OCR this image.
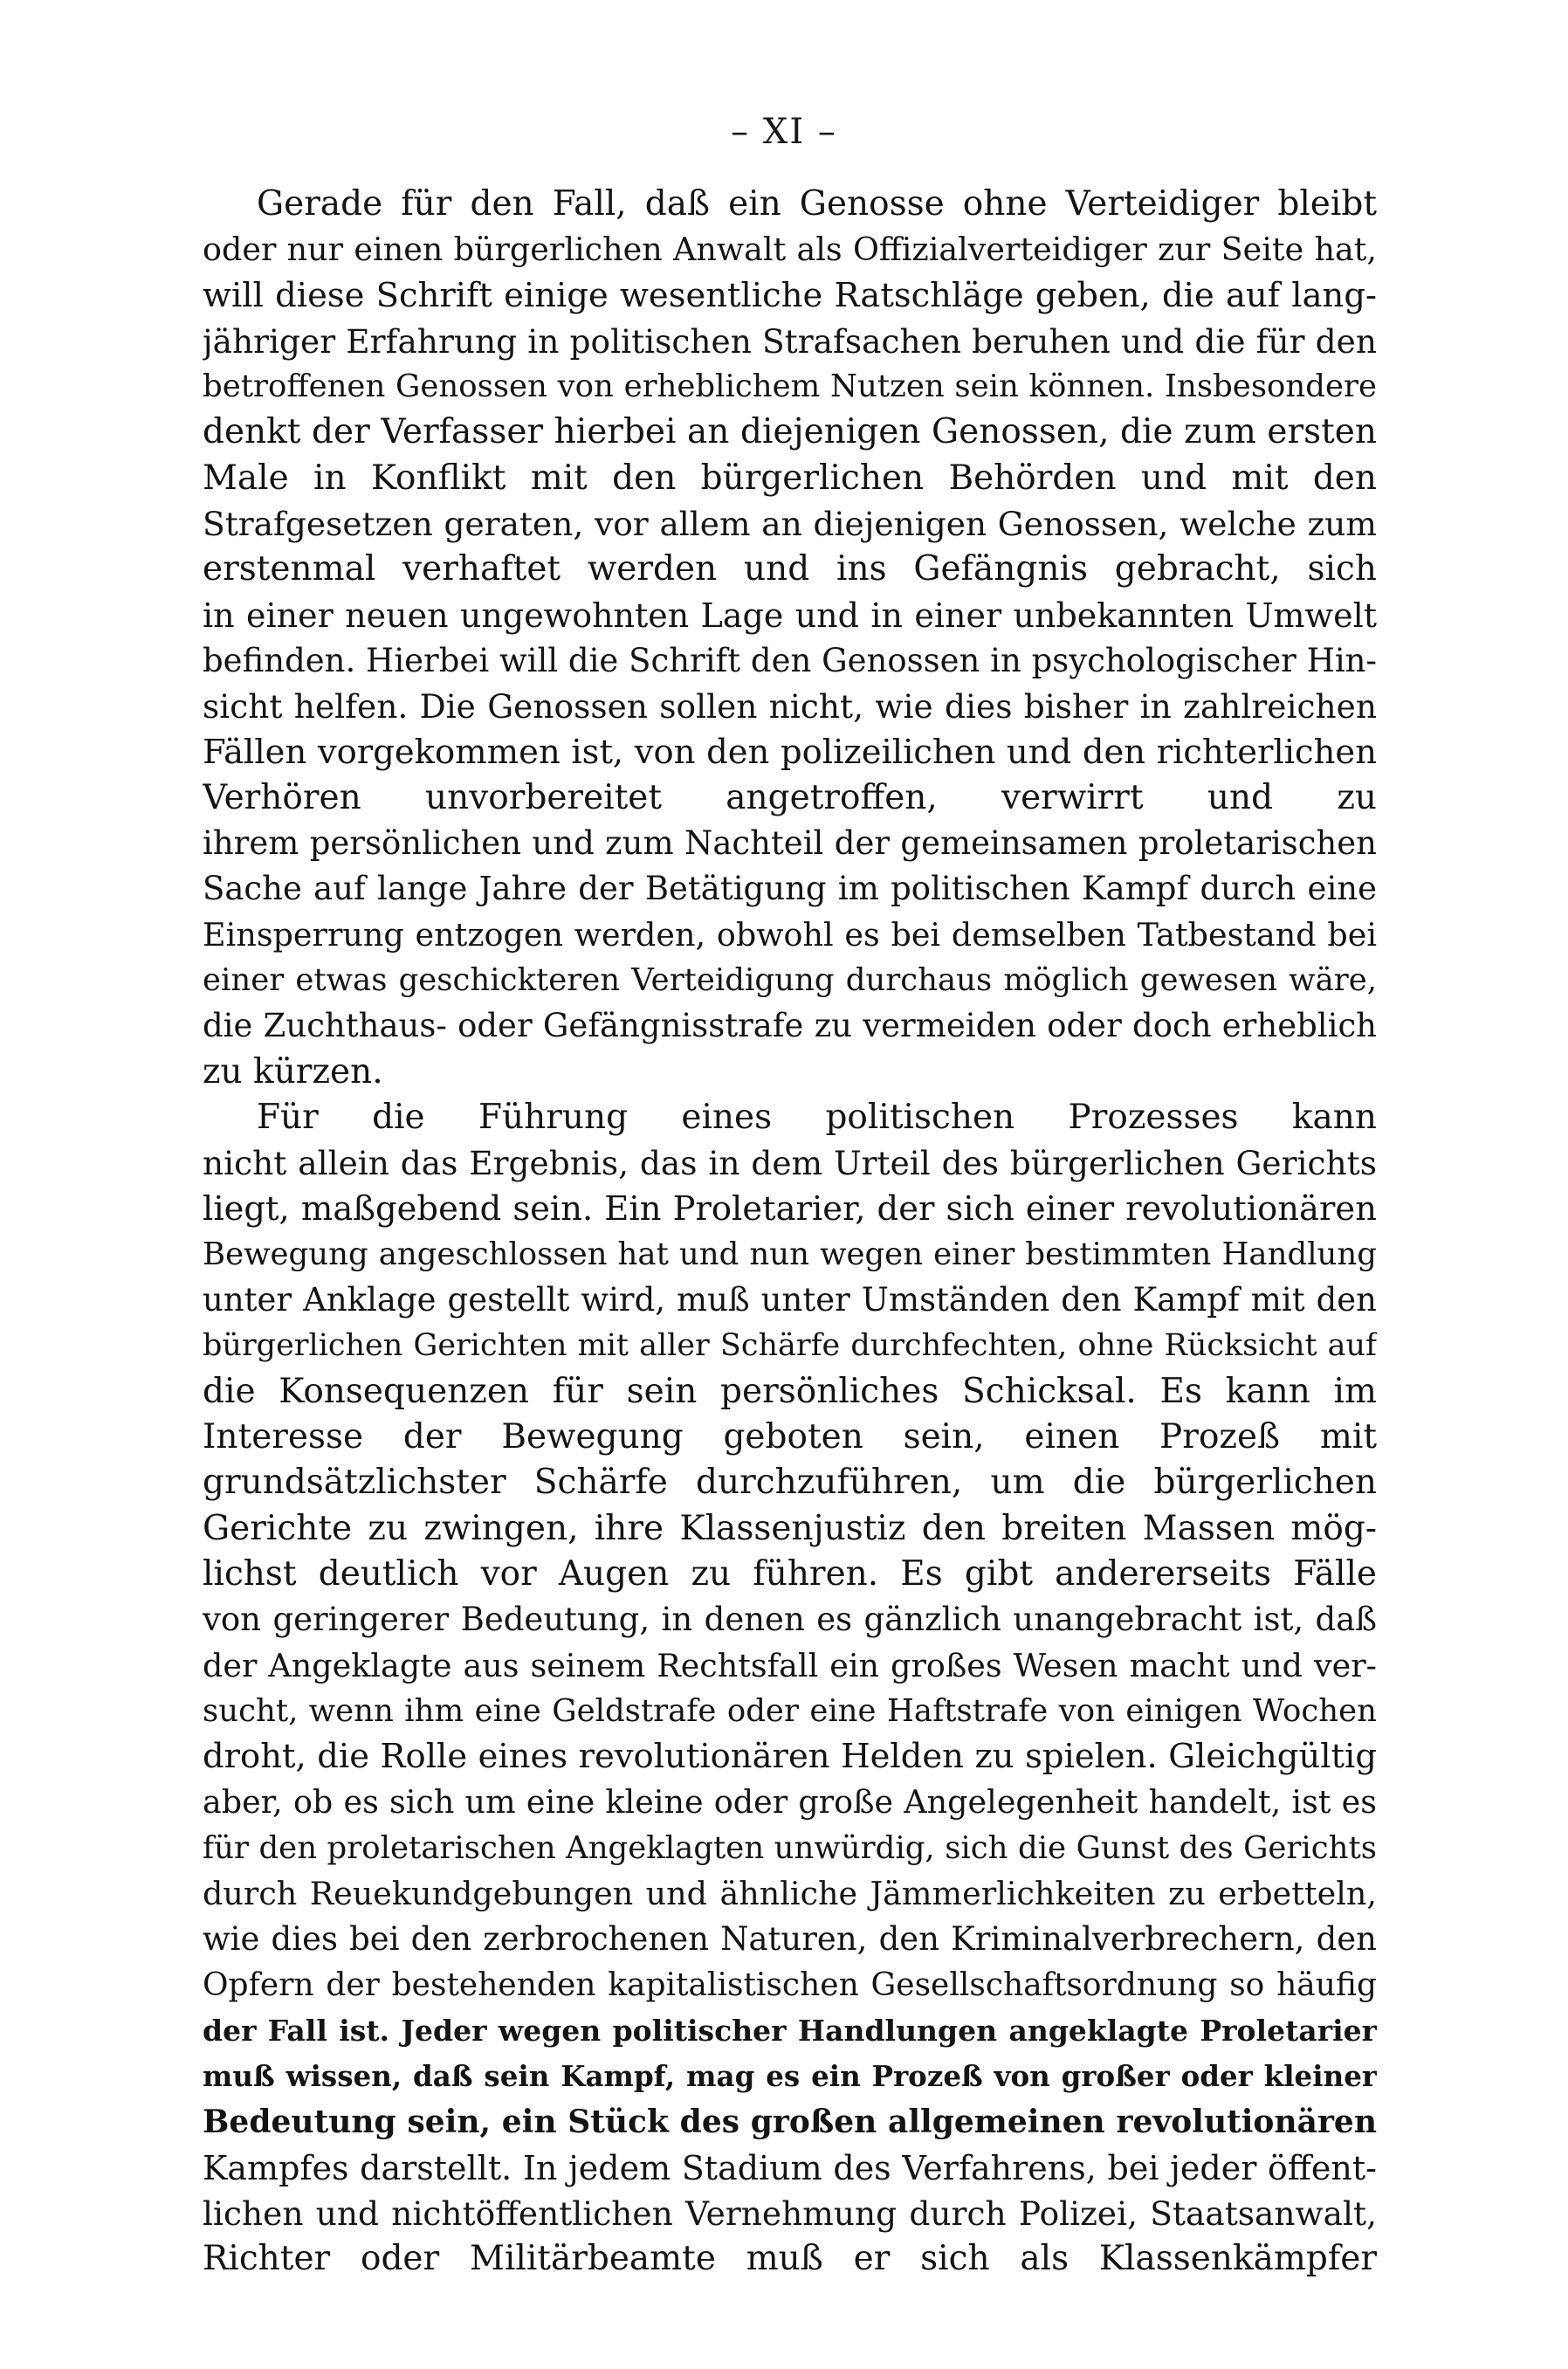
– XI –
Gerade für den Fall, daß ein Genosse ohne Verteidiger bleibt
oder nur einen bürgerlichen Anwalt als Offizialverteidiger zur Seite hat,
will diese Schrift einige wesentliche Ratschläge geben, die auf lang-
jähriger Erfahrung in politischen Strafsachen beruhen und die für den
betroffenen Genossen von erheblichem Nutzen sein können. Insbesondere
denkt der Verfasser hierbei an diejenigen Genossen, die zum ersten
Male in Konflikt mit den bürgerlichen Behörden und mit den
Strafgesetzen geraten, vor allem an diejenigen Genossen, welche zum
erstenmal verhaftet werden und ins Gefängnis gebracht, sich
in einer neuen ungewohnten Lage und in einer unbekannten Umwelt
befinden. Hierbei will die Schrift den Genossen in psychologischer Hin-
sicht helfen. Die Genossen sollen nicht, wie dies bisher in zahlreichen
Fällen vorgekommen ist, von den polizeilichen und den richterlichen
Verhören unvorbereitet angetroffen, verwirrt und zu
ihrem persönlichen und zum Nachteil der gemeinsamen proletarischen
Sache auf lange Jahre der Betätigung im politischen Kampf durch eine
Einsperrung entzogen werden, obwohl es bei demselben Tatbestand bei
einer etwas geschickteren Verteidigung durchaus möglich gewesen wäre,
die Zuchthaus- oder Gefängnisstrafe zu vermeiden oder doch erheblich
zu kürzen.
Für die Führung eines politischen Prozesses kann
nicht allein das Ergebnis, das in dem Urteil des bürgerlichen Gerichts
liegt, maßgebend sein. Ein Proletarier, der sich einer revolutionären
Bewegung angeschlossen hat und nun wegen einer bestimmten Handlung
unter Anklage gestellt wird, muß unter Umständen den Kampf mit den
bürgerlichen Gerichten mit aller Schärfe durchfechten, ohne Rücksicht auf
die Konsequenzen für sein persönliches Schicksal. Es kann im
Interesse der Bewegung geboten sein, einen Prozeß mit
grundsätzlichster Schärfe durchzuführen, um die bürgerlichen
Gerichte zu zwingen, ihre Klassenjustiz den breiten Massen mög-
lichst deutlich vor Augen zu führen. Es gibt andererseits Fälle
von geringerer Bedeutung, in denen es gänzlich unangebracht ist, daß
der Angeklagte aus seinem Rechtsfall ein großes Wesen macht und ver-
sucht, wenn ihm eine Geldstrafe oder eine Haftstrafe von einigen Wochen
droht, die Rolle eines revolutionären Helden zu spielen. Gleichgültig
aber, ob es sich um eine kleine oder große Angelegenheit handelt, ist es
für den proletarischen Angeklagten unwürdig, sich die Gunst des Gerichts
durch Reuekundgebungen und ähnliche Jämmerlichkeiten zu erbetteln,
wie dies bei den zerbrochenen Naturen, den Kriminalverbrechern, den
Opfern der bestehenden kapitalistischen Gesellschaftsordnung so häufig
der Fall ist. Jeder wegen politischer Handlungen angeklagte Proletarier
muß wissen, daß sein Kampf, mag es ein Prozeß von großer oder kleiner
Bedeutung sein, ein Stück des großen allgemeinen revolutionären
Kampfes darstellt. In jedem Stadium des Verfahrens, bei jeder öffent-
lichen und nichtöffentlichen Vernehmung durch Polizei, Staatsanwalt,
Richter oder Militärbeamte muß er sich als Klassenkämpfer
